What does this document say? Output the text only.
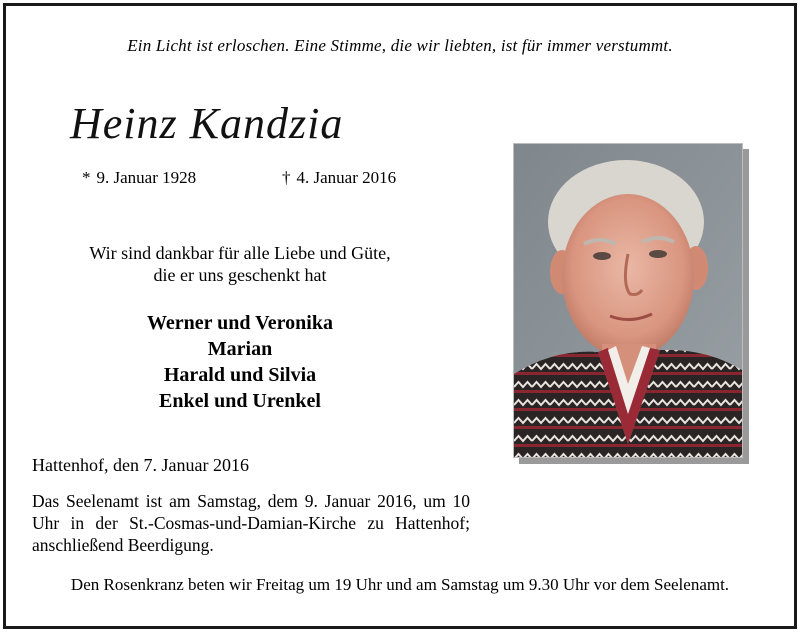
Ein Licht ist erloschen. Eine Stimme, die wir liebten, ist für immer verstummt.
Heinz Kandzia
* 9. Januar 1928	† 4. Januar 2016
Wir sind dankbar für alle Liebe und Güte,
die er uns geschenkt hat
Werner und Veronika
Marian
Harald und Silvia
Enkel und Urenkel
Hattenhof, den 7. Januar 2016
Das Seelenamt ist am Samstag, dem 9. Januar 2016, um 10 Uhr in der St.-Cosmas-und-Damian-Kirche zu Hattenhof; anschließend Beerdigung.
Den Rosenkranz beten wir Freitag um 19 Uhr und am Samstag um 9.30 Uhr vor dem Seelenamt.
